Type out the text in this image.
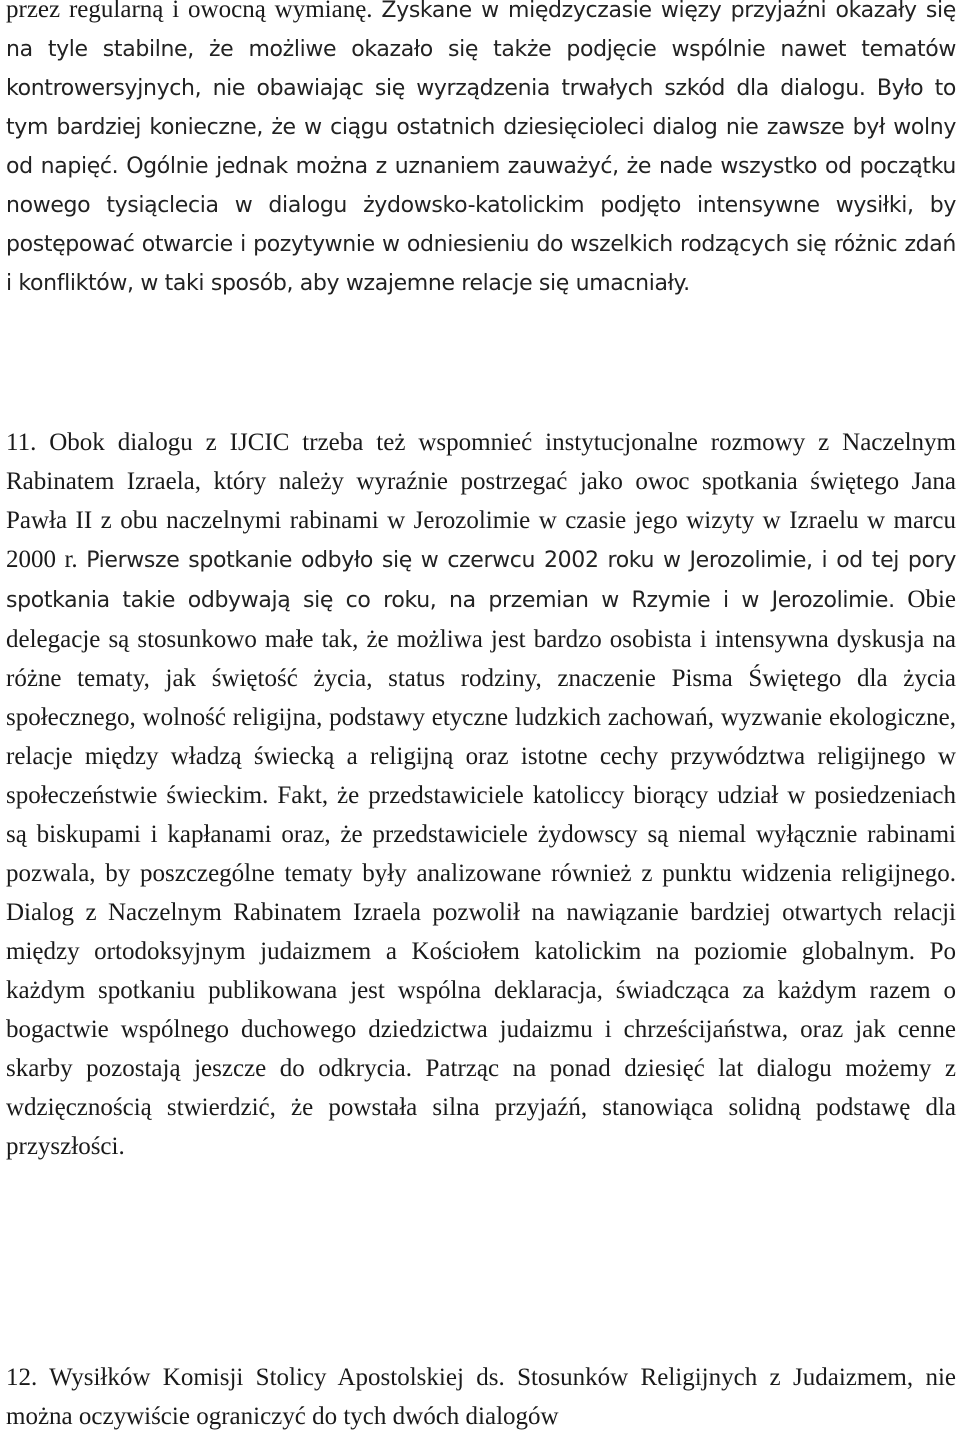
przez regularną i owocną wymianę. Zyskane w międzyczasie więzy przyjaźni okazały się na tyle stabilne, że możliwe okazało się także podjęcie wspólnie nawet tematów kontrowersyjnych, nie obawiając się wyrządzenia trwałych szkód dla dialogu. Było to tym bardziej konieczne, że w ciągu ostatnich dziesięcioleci dialog nie zawsze był wolny od napięć. Ogólnie jednak można z uznaniem zauważyć, że nade wszystko od początku nowego tysiąclecia w dialogu żydowsko-katolickim podjęto intensywne wysiłki, by postępować otwarcie i pozytywnie w odniesieniu do wszelkich rodzących się różnic zdań i konfliktów, w taki sposób, aby wzajemne relacje się umacniały.

11. Obok dialogu z IJCIC trzeba też wspomnieć instytucjonalne rozmowy z Naczelnym Rabinatem Izraela, który należy wyraźnie postrzegać jako owoc spotkania świętego Jana Pawła II z obu naczelnymi rabinami w Jerozolimie w czasie jego wizyty w Izraelu w marcu 2000 r. Pierwsze spotkanie odbyło się w czerwcu 2002 roku w Jerozolimie, i od tej pory spotkania takie odbywają się co roku, na przemian w Rzymie i w Jerozolimie. Obie delegacje są stosunkowo małe tak, że możliwa jest bardzo osobista i intensywna dyskusja na różne tematy, jak świętość życia, status rodziny, znaczenie Pisma Świętego dla życia społecznego, wolność religijna, podstawy etyczne ludzkich zachowań, wyzwanie ekologiczne, relacje między władzą świecką a religijną oraz istotne cechy przywództwa religijnego w społeczeństwie świeckim. Fakt, że przedstawiciele katoliccy biorący udział w posiedzeniach są biskupami i kapłanami oraz, że przedstawiciele żydowscy są niemal wyłącznie rabinami pozwala, by poszczególne tematy były analizowane również z punktu widzenia religijnego. Dialog z Naczelnym Rabinatem Izraela pozwolił na nawiązanie bardziej otwartych relacji między ortodoksyjnym judaizmem a Kościołem katolickim na poziomie globalnym. Po każdym spotkaniu publikowana jest wspólna deklaracja, świadcząca za każdym razem o bogactwie wspólnego duchowego dziedzictwa judaizmu i chrześcijaństwa, oraz jak cenne skarby pozostają jeszcze do odkrycia. Patrząc na ponad dziesięć lat dialogu możemy z wdzięcznością stwierdzić, że powstała silna przyjaźń, stanowiąca solidną podstawę dla przyszłości.

12. Wysiłków Komisji Stolicy Apostolskiej ds. Stosunków Religijnych z Judaizmem, nie można oczywiście ograniczyć do tych dwóch dialogów
